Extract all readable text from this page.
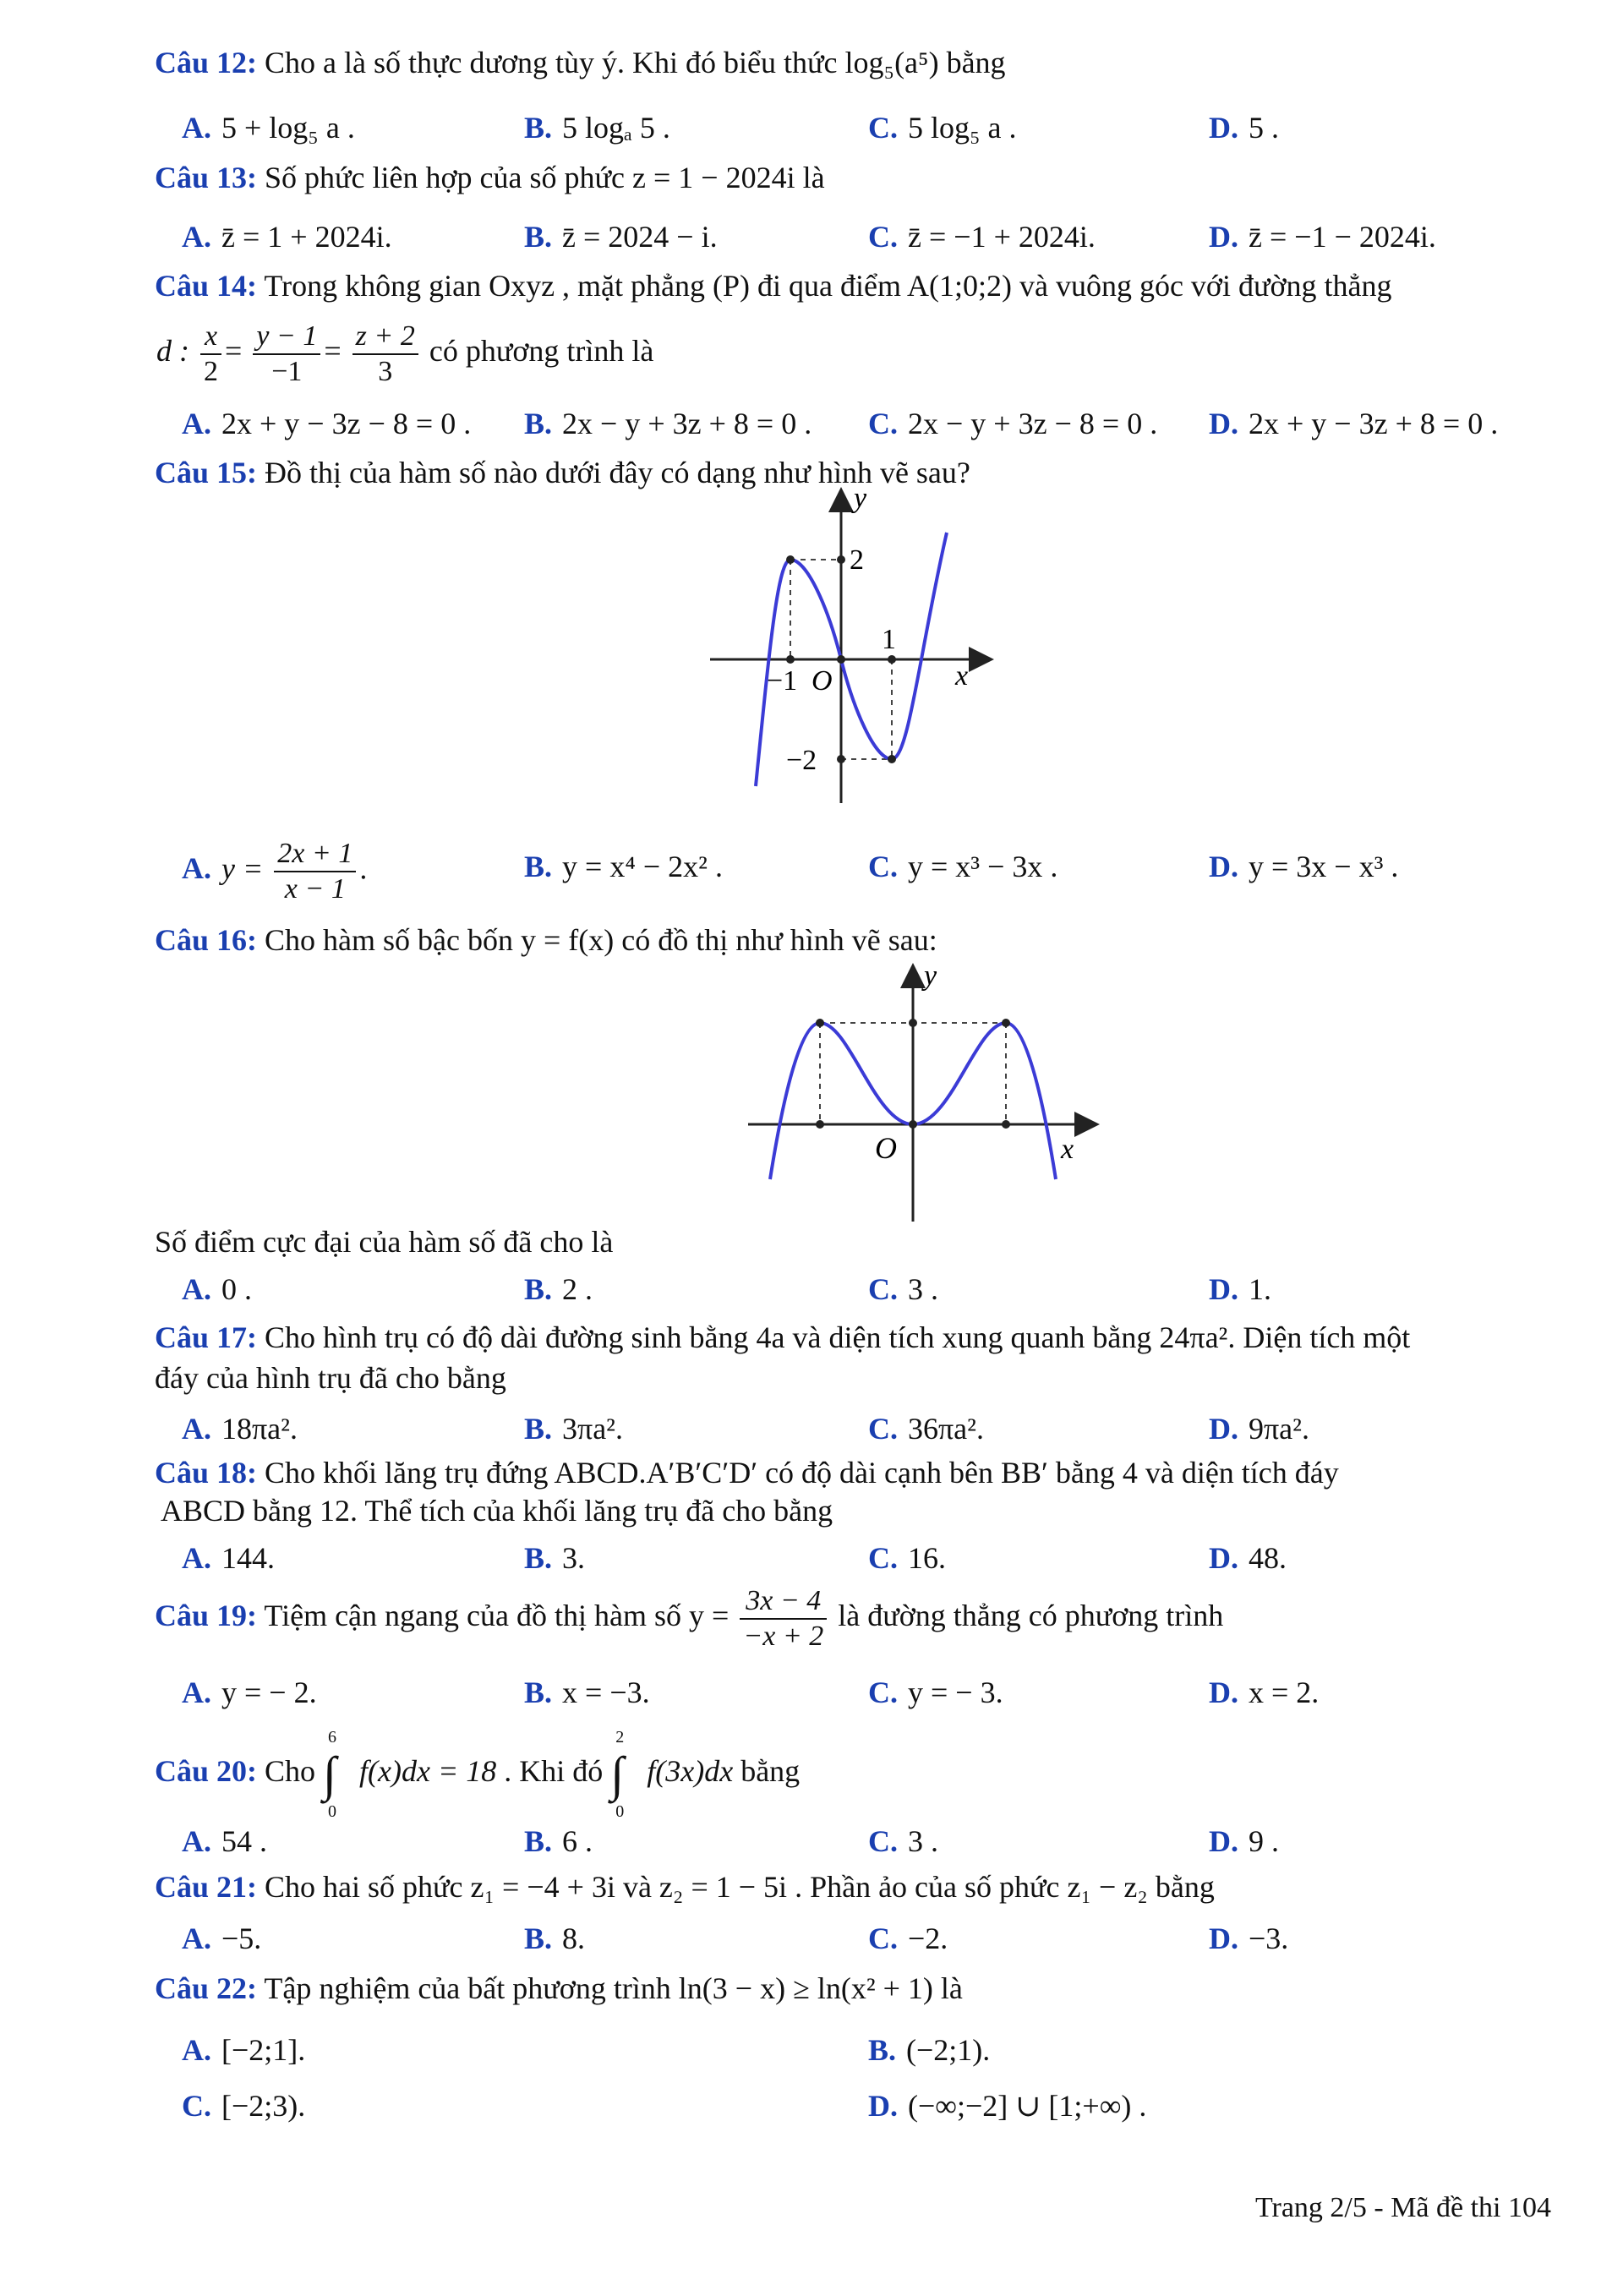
Câu 12: Cho a là số thực dương tùy ý. Khi đó biểu thức log₅(a⁵) bằng
A. 5 + log₅ a .	B. 5 logₐ 5 .	C. 5 log₅ a .	D. 5 .
Câu 13: Số phức liên hợp của số phức z = 1 − 2024i là
A. z̄ = 1 + 2024i.	B. z̄ = 2024 − i.	C. z̄ = −1 + 2024i.	D. z̄ = −1 − 2024i.
Câu 14: Trong không gian Oxyz , mặt phẳng (P) đi qua điểm A(1;0;2) và vuông góc với đường thẳng
d : $\frac{x}{2} = \frac{y - 1}{-1} = \frac{z + 2}{3}$ có phương trình là
A. 2x + y − 3z − 8 = 0 . B. 2x − y + 3z + 8 = 0 . C. 2x − y + 3z − 8 = 0 . D. 2x + y − 3z + 8 = 0 .
Câu 15: Đồ thị của hàm số nào dưới đây có dạng như hình vẽ sau?
y
2
1
−1 O	x
−2
A. $y = \frac{2x + 1}{x - 1}$ .	B. y = x⁴ − 2x² .	C. y = x³ − 3x .	D. y = 3x − x³ .
Câu 16: Cho hàm số bậc bốn y = f(x) có đồ thị như hình vẽ sau:
y
O	x
Số điểm cực đại của hàm số đã cho là
A. 0 .	B. 2 .	C. 3 .	D. 1.
Câu 17: Cho hình trụ có độ dài đường sinh bằng 4a và diện tích xung quanh bằng 24πa². Diện tích một
đáy của hình trụ đã cho bằng
A. 18πa².	B. 3πa².	C. 36πa².	D. 9πa².
Câu 18: Cho khối lăng trụ đứng ABCD.A′B′C′D′ có độ dài cạnh bên BB′ bằng 4 và diện tích đáy
ABCD bằng 12. Thể tích của khối lăng trụ đã cho bằng
A. 144.	B. 3.	C. 16.	D. 48.
Câu 19: Tiệm cận ngang của đồ thị hàm số $y = \frac{3x - 4}{-x + 2}$ là đường thẳng có phương trình
A. y = − 2.	B. x = −3.	C. y = − 3.	D. x = 2.
Câu 20: Cho
6
∫
0
f(x)dx = 18 . Khi đó
2
∫
0
f(3x)dx bằng
A. 54 .	B. 6 .	C. 3 .	D. 9 .
Câu 21: Cho hai số phức z₁ = −4 + 3i và z₂ = 1 − 5i . Phần ảo của số phức z₁ − z₂ bằng
A. −5.	B. 8.	C. −2.	D. −3.
Câu 22: Tập nghiệm của bất phương trình ln(3 − x) ≥ ln(x² + 1) là
A. [−2;1].	B. (−2;1).
C. [−2;3).	D. (−∞;−2] ∪ [1;+∞) .
Trang 2/5 - Mã đề thi 104
